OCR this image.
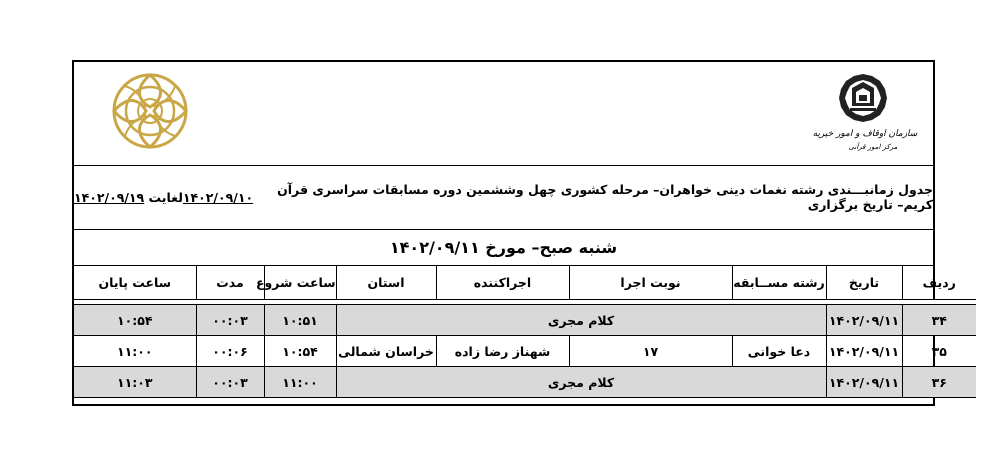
سازمان اوقاف و امور خیریه
مرکز امور قرآنی
جدول زمانبـــندی رشته نغمات دینی خواهران– مرحله کشوری چهل وششمین دوره مسابقات سراسری قرآن کریم– تاریخ برگزاری
۱۴۰۲/۰۹/۱۰
لغایت

۱۴۰۲/۰۹/۱۹
شنبه صبح– مورخ ۱۴۰۲/۰۹/۱۱
ردیف	تاریخ	رشته مســابقه	نوبت اجرا	اجراکننده	استان	ساعت شروع	مدت	ساعت پایان

۳۴	۱۴۰۲/۰۹/۱۱	کلام مجری				۱۰:۵۱	۰۰:۰۳	۱۰:۵۴
۳۵	۱۴۰۲/۰۹/۱۱	دعا خوانی	۱۷	شهناز رضا زاده	خراسان شمالی	۱۰:۵۴	۰۰:۰۶	۱۱:۰۰
۳۶	۱۴۰۲/۰۹/۱۱	کلام مجری				۱۱:۰۰	۰۰:۰۳	۱۱:۰۳
